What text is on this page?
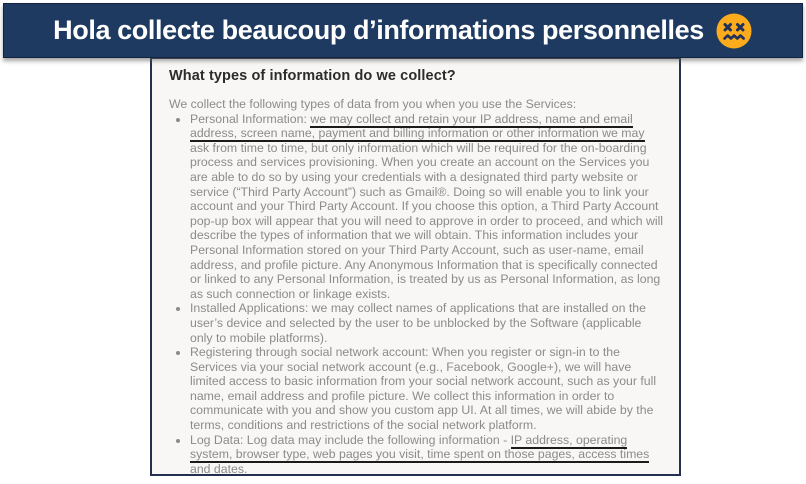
Hola collecte beaucoup d’informations personnelles
What types of information do we collect?

We collect the following types of data from you when you use the Services:

• Personal Information: we may collect and retain your IP address, name and email address, screen name, payment and billing information or other information we may ask from time to time, but only information which will be required for the on-boarding process and services provisioning. When you create an account on the Services you are able to do so by using your credentials with a designated third party website or service (“Third Party Account”) such as Gmail®. Doing so will enable you to link your account and your Third Party Account. If you choose this option, a Third Party Account pop-up box will appear that you will need to approve in order to proceed, and which will describe the types of information that we will obtain. This information includes your Personal Information stored on your Third Party Account, such as user-name, email address, and profile picture. Any Anonymous Information that is specifically connected or linked to any Personal Information, is treated by us as Personal Information, as long as such connection or linkage exists.
• Installed Applications: we may collect names of applications that are installed on the user’s device and selected by the user to be unblocked by the Software (applicable only to mobile platforms).
• Registering through social network account: When you register or sign-in to the Services via your social network account (e.g., Facebook, Google+), we will have limited access to basic information from your social network account, such as your full name, email address and profile picture. We collect this information in order to communicate with you and show you custom app UI. At all times, we will abide by the terms, conditions and restrictions of the social network platform.
• Log Data: Log data may include the following information - IP address, operating system, browser type, web pages you visit, time spent on those pages, access times and dates.
